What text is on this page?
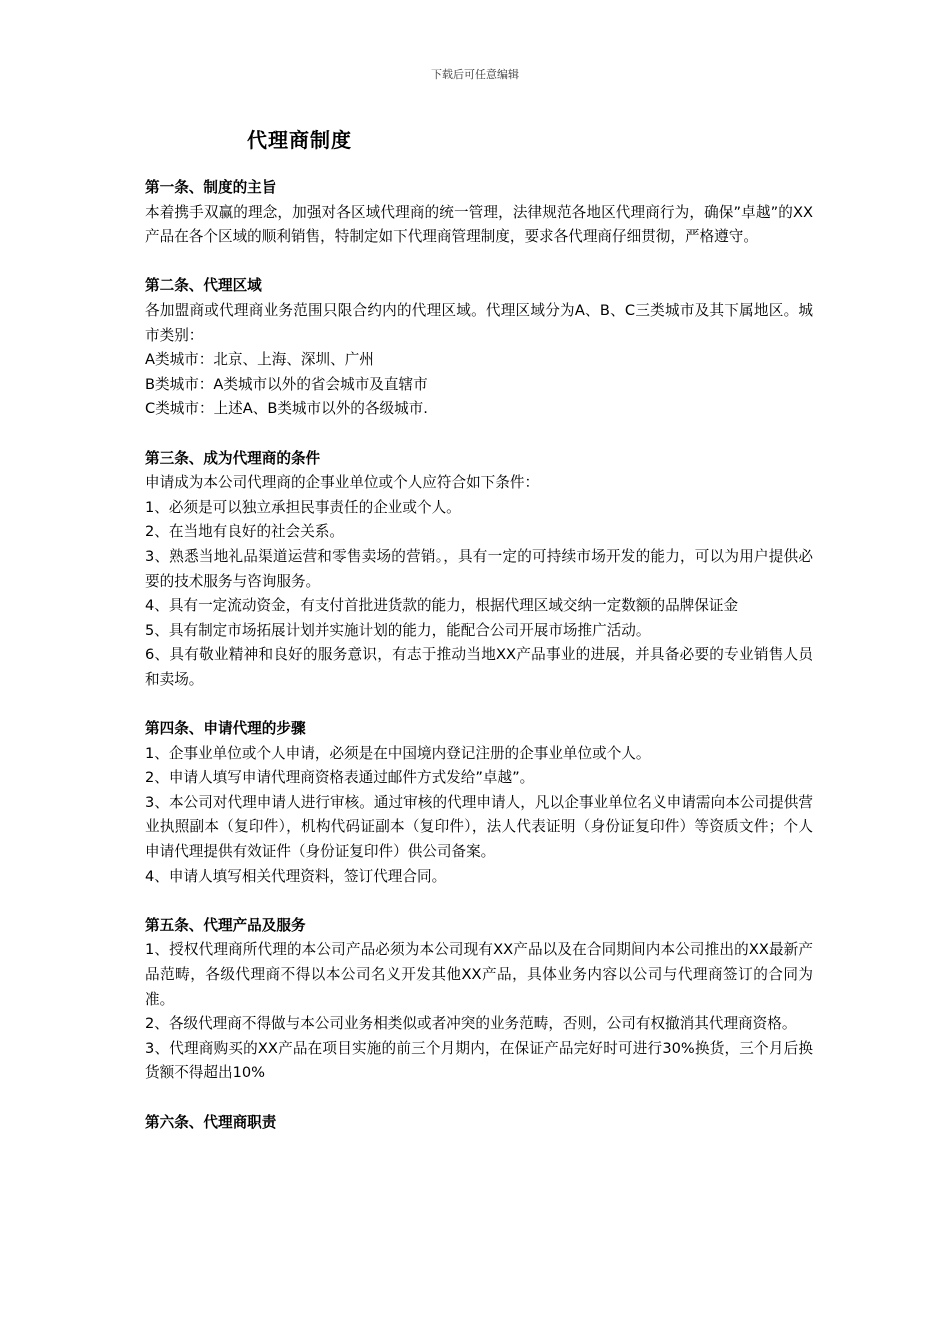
下载后可任意编辑
代理商制度
第一条、制度的主旨

本着携手双赢的理念，加强对各区域代理商的统一管理，法律规范各地区代理商行为，确保”卓越”的XX产品在各个区域的顺利销售，特制定如下代理商管理制度，要求各代理商仔细贯彻，严格遵守。

第二条、代理区域

各加盟商或代理商业务范围只限合约内的代理区域。代理区域分为A、B、C三类城市及其下属地区。城市类别：

A类城市：北京、上海、深圳、广州

B类城市：A类城市以外的省会城市及直辖市

C类城市：上述A、B类城市以外的各级城市.

第三条、成为代理商的条件

申请成为本公司代理商的企事业单位或个人应符合如下条件：

1、必须是可以独立承担民事责任的企业或个人。

2、在当地有良好的社会关系。

3、熟悉当地礼品渠道运营和零售卖场的营销。，具有一定的可持续市场开发的能力，可以为用户提供必要的技术服务与咨询服务。

4、具有一定流动资金，有支付首批进货款的能力，根据代理区域交纳一定数额的品牌保证金

5、具有制定市场拓展计划并实施计划的能力，能配合公司开展市场推广活动。

6、具有敬业精神和良好的服务意识，有志于推动当地XX产品事业的进展，并具备必要的专业销售人员和卖场。

第四条、申请代理的步骤

1、企事业单位或个人申请，必须是在中国境内登记注册的企事业单位或个人。

2、申请人填写申请代理商资格表通过邮件方式发给”卓越”。

3、本公司对代理申请人进行审核。通过审核的代理申请人，凡以企事业单位名义申请需向本公司提供营业执照副本（复印件），机构代码证副本（复印件），法人代表证明（身份证复印件）等资质文件；个人申请代理提供有效证件（身份证复印件）供公司备案。

4、申请人填写相关代理资料，签订代理合同。

第五条、代理产品及服务

1、授权代理商所代理的本公司产品必须为本公司现有XX产品以及在合同期间内本公司推出的XX最新产品范畴，各级代理商不得以本公司名义开发其他XX产品，具体业务内容以公司与代理商签订的合同为准。

2、各级代理商不得做与本公司业务相类似或者冲突的业务范畴，否则，公司有权撤消其代理商资格。

3、代理商购买的XX产品在项目实施的前三个月期内，在保证产品完好时可进行30%换货，三个月后换货额不得超出10%

第六条、代理商职责
